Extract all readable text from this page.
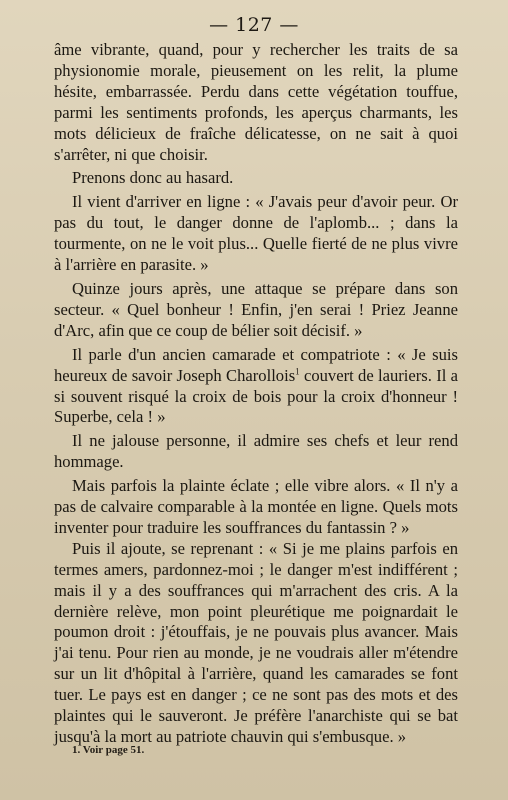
— 127 —

âme vibrante, quand, pour y rechercher les traits de sa physionomie morale, pieusement on les relit, la plume hésite, embarrassée. Perdu dans cette végétation touffue, parmi les sentiments profonds, les aperçus charmants, les mots délicieux de fraîche délicatesse, on ne sait à quoi s'arrêter, ni que choisir.

Prenons donc au hasard.

Il vient d'arriver en ligne : « J'avais peur d'avoir peur. Or pas du tout, le danger donne de l'aplomb... ; dans la tourmente, on ne le voit plus... Quelle fierté de ne plus vivre à l'arrière en parasite. »

Quinze jours après, une attaque se prépare dans son secteur. « Quel bonheur ! Enfin, j'en serai ! Priez Jeanne d'Arc, afin que ce coup de bélier soit décisif. »

Il parle d'un ancien camarade et compatriote : « Je suis heureux de savoir Joseph Charollois$^1$ couvert de lauriers. Il a si souvent risqué la croix de bois pour la croix d'honneur ! Superbe, cela ! »

Il ne jalouse personne, il admire ses chefs et leur rend hommage.

Mais parfois la plainte éclate ; elle vibre alors. « Il n'y a pas de calvaire comparable à la montée en ligne. Quels mots inventer pour traduire les souffrances du fantassin ? »

Puis il ajoute, se reprenant : « Si je me plains parfois en termes amers, pardonnez-moi ; le danger m'est indifférent ; mais il y a des souffrances qui m'arrachent des cris. A la dernière relève, mon point pleurétique me poignardait le poumon droit : j'étouffais, je ne pouvais plus avancer. Mais j'ai tenu. Pour rien au monde, je ne voudrais aller m'étendre sur un lit d'hôpital à l'arrière, quand les camarades se font tuer. Le pays est en danger ; ce ne sont pas des mots et des plaintes qui le sauveront. Je préfère l'anarchiste qui se bat jusqu'à la mort au patriote chauvin qui s'embusque. »

1. Voir page 51.
